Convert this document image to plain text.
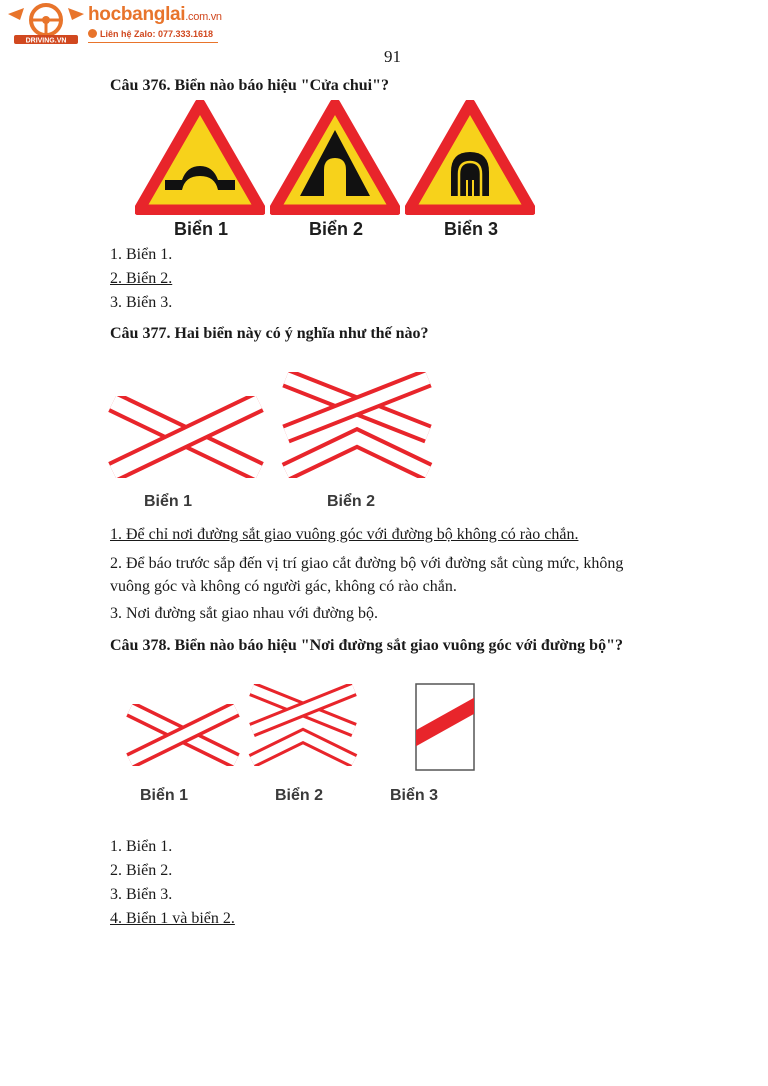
DRIVING.VN
hocbanglai.com.vn
Liên hệ Zalo: 077.333.1618
91
Câu 376. Biển nào báo hiệu "Cửa chui"?
Biển 1	Biển 2	Biển 3
1. Biển 1.
2. Biển 2.
3. Biển 3.
Câu 377. Hai biển này có ý nghĩa như thế nào?
Biển 1	Biển 2
1. Để chỉ nơi đường sắt giao vuông góc với đường bộ không có rào chắn.
2. Để báo trước sắp đến vị trí giao cắt đường bộ với đường sắt cùng mức, không
vuông góc và không có người gác, không có rào chắn.
3. Nơi đường sắt giao nhau với đường bộ.
Câu 378. Biển nào báo hiệu "Nơi đường sắt giao vuông góc với đường bộ"?
Biển 1	Biển 2	Biển 3
1. Biển 1.
2. Biển 2.
3. Biển 3.
4. Biển 1 và biển 2.
